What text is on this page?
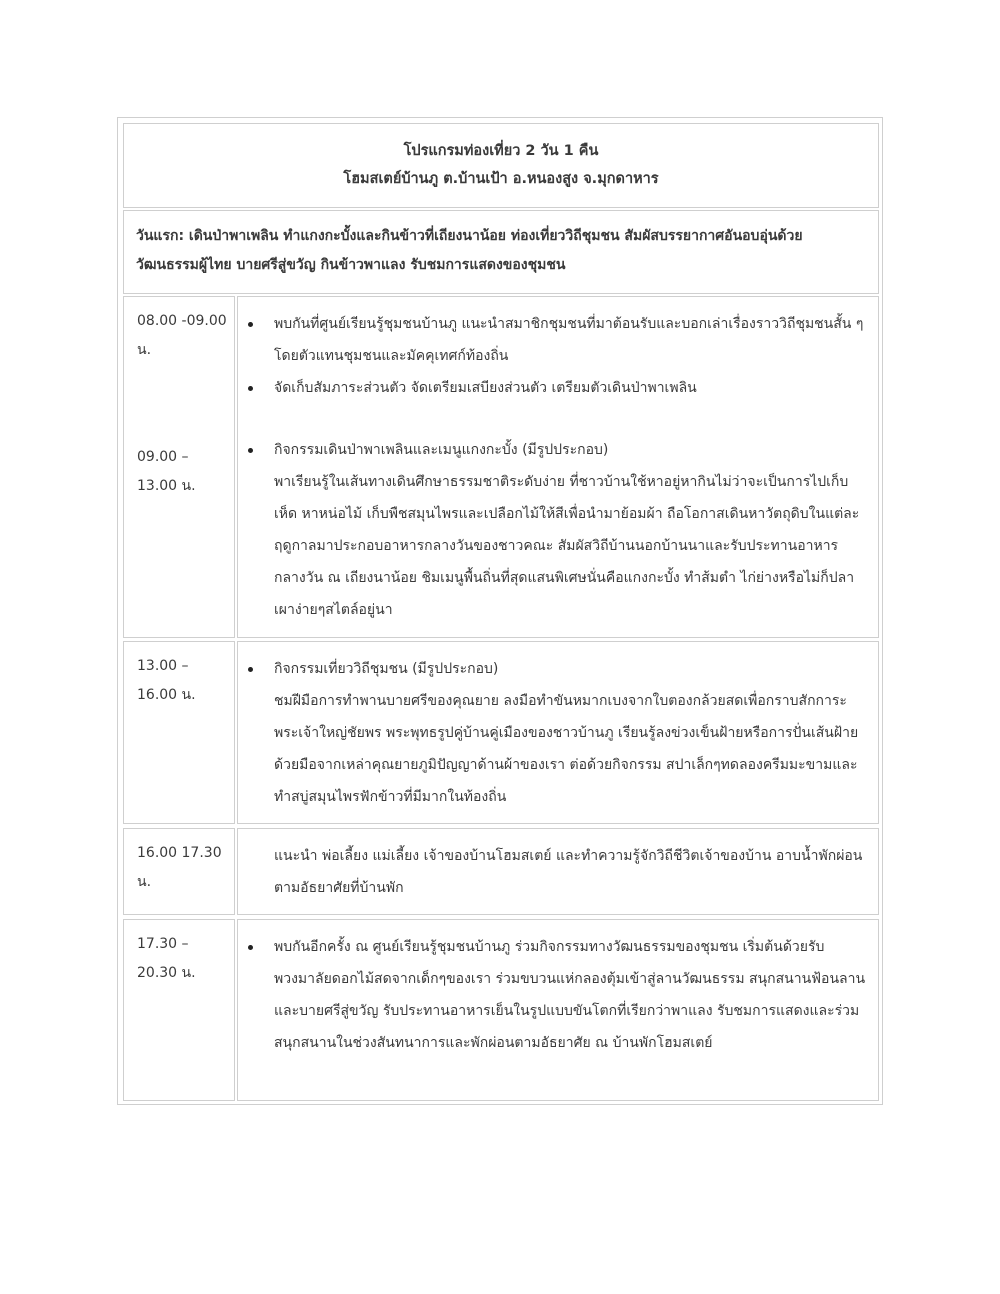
โปรแกรมท่องเที่ยว 2 วัน 1 คืน
โฮมสเตย์บ้านภู ต.บ้านเป้า อ.หนองสูง จ.มุกดาหาร
วันแรก: เดินป่าพาเพลิน ทำแกงกะบั้งและกินข้าวที่เถียงนาน้อย ท่องเที่ยววิถีชุมชน สัมผัสบรรยากาศอันอบอุ่นด้วย
วัฒนธรรมผู้ไทย บายศรีสู่ขวัญ กินข้าวพาแลง รับชมการแสดงของชุมชน
08.00 -09.00
น.
09.00 –
13.00 น.
พบกันที่ศูนย์เรียนรู้ชุมชนบ้านภู แนะนำสมาชิกชุมชนที่มาต้อนรับและบอกเล่าเรื่องราววิถีชุมชนสั้น ๆ
โดยตัวแทนชุมชนและมัคคุเทศก์ท้องถิ่น
จัดเก็บสัมภาระส่วนตัว จัดเตรียมเสบียงส่วนตัว เตรียมตัวเดินป่าพาเพลิน
กิจกรรมเดินป่าพาเพลินและเมนูแกงกะบั้ง (มีรูปประกอบ)
พาเรียนรู้ในเส้นทางเดินศึกษาธรรมชาติระดับง่าย ที่ชาวบ้านใช้หาอยู่หากินไม่ว่าจะเป็นการไปเก็บ
เห็ด หาหน่อไม้ เก็บพืชสมุนไพรและเปลือกไม้ให้สีเพื่อนำมาย้อมผ้า ถือโอกาสเดินหาวัตถุดิบในแต่ละ
ฤดูกาลมาประกอบอาหารกลางวันของชาวคณะ สัมผัสวิถีบ้านนอกบ้านนาและรับประทานอาหาร
กลางวัน ณ เถียงนาน้อย ชิมเมนูพื้นถิ่นที่สุดแสนพิเศษนั่นคือแกงกะบั้ง ทำส้มตำ ไก่ย่างหรือไม่ก็ปลา
เผาง่ายๆสไตล์อยู่นา
13.00 –
16.00 น.
กิจกรรมเที่ยววิถีชุมชน (มีรูปประกอบ)
ชมฝีมือการทำพานบายศรีของคุณยาย ลงมือทำขันหมากเบงจากใบตองกล้วยสดเพื่อกราบสักการะ
พระเจ้าใหญ่ชัยพร พระพุทธรูปคู่บ้านคู่เมืองของชาวบ้านภู เรียนรู้ลงข่วงเข็นฝ้ายหรือการปั่นเส้นฝ้าย
ด้วยมือจากเหล่าคุณยายภูมิปัญญาด้านผ้าของเรา ต่อด้วยกิจกรรม สปาเล็กๆทดลองครีมมะขามและ
ทำสบู่สมุนไพรฟักข้าวที่มีมากในท้องถิ่น
16.00 17.30
น.
แนะนำ พ่อเลี้ยง แม่เลี้ยง เจ้าของบ้านโฮมสเตย์ และทำความรู้จักวิถีชีวิตเจ้าของบ้าน อาบน้ำพักผ่อน
ตามอัธยาศัยที่บ้านพัก
17.30 –
20.30 น.
พบกันอีกครั้ง ณ ศูนย์เรียนรู้ชุมชนบ้านภู ร่วมกิจกรรมทางวัฒนธรรมของชุมชน เริ่มต้นด้วยรับ
พวงมาลัยดอกไม้สดจากเด็กๆของเรา ร่วมขบวนแห่กลองตุ้มเข้าสู่ลานวัฒนธรรม สนุกสนานฟ้อนลาน
และบายศรีสู่ขวัญ รับประทานอาหารเย็นในรูปแบบขันโตกที่เรียกว่าพาแลง รับชมการแสดงและร่วม
สนุกสนานในช่วงสันทนาการและพักผ่อนตามอัธยาศัย ณ บ้านพักโฮมสเตย์
